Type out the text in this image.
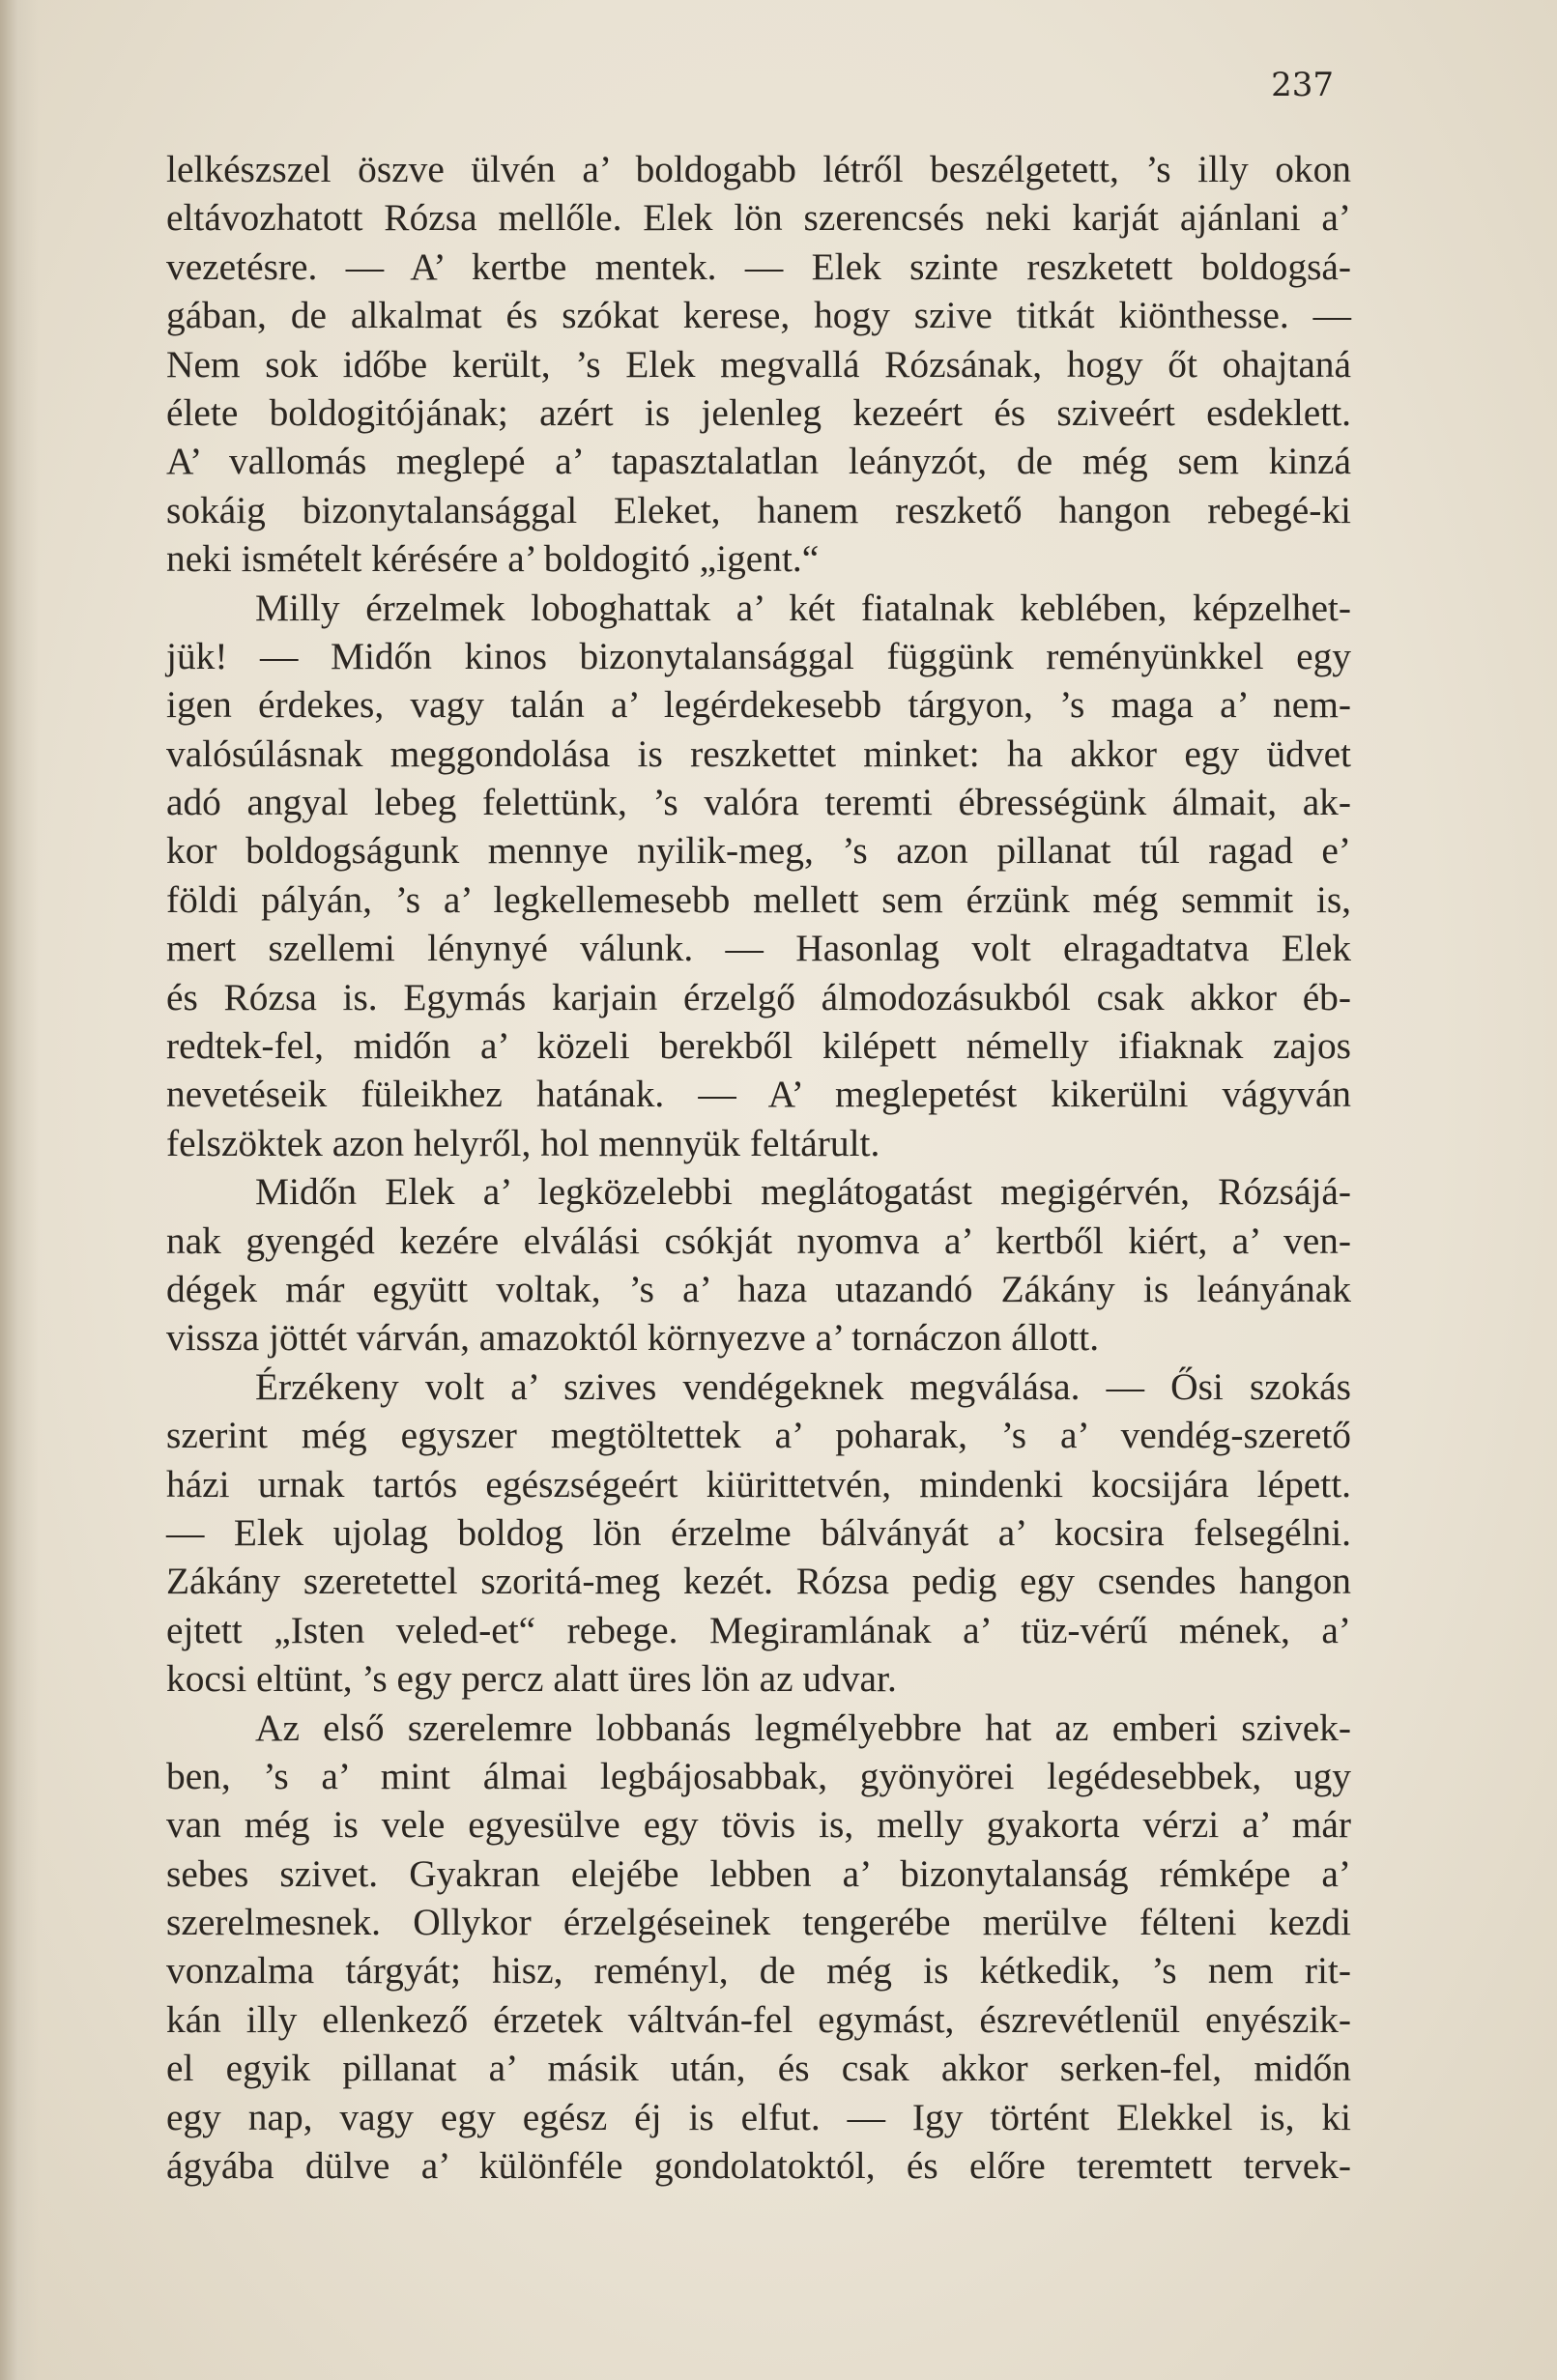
237
lelkészszel öszve ülvén a’ boldogabb létről beszélgetett, ’s illy okon
eltávozhatott Rózsa mellőle. Elek lön szerencsés neki karját ajánlani a’
vezetésre. — A’ kertbe mentek. — Elek szinte reszketett boldogsá-
gában, de alkalmat és szókat kerese, hogy szive titkát kiönthesse. —
Nem sok időbe került, ’s Elek megvallá Rózsának, hogy őt ohajtaná
élete boldogitójának; azért is jelenleg kezeért és sziveért esdeklett.
A’ vallomás meglepé a’ tapasztalatlan leányzót, de még sem kinzá
sokáig bizonytalansággal Eleket, hanem reszkető hangon rebegé-ki
neki ismételt kérésére a’ boldogitó „igent.“
Milly érzelmek loboghattak a’ két fiatalnak keblében, képzelhet-
jük! — Midőn kinos bizonytalansággal függünk reményünkkel egy
igen érdekes, vagy talán a’ legérdekesebb tárgyon, ’s maga a’ nem-
valósúlásnak meggondolása is reszkettet minket: ha akkor egy üdvet
adó angyal lebeg felettünk, ’s valóra teremti ébrességünk álmait, ak-
kor boldogságunk mennye nyilik-meg, ’s azon pillanat túl ragad e’
földi pályán, ’s a’ legkellemesebb mellett sem érzünk még semmit is,
mert szellemi lénynyé válunk. — Hasonlag volt elragadtatva Elek
és Rózsa is. Egymás karjain érzelgő álmodozásukból csak akkor éb-
redtek-fel, midőn a’ közeli berekből kilépett némelly ifiaknak zajos
nevetéseik füleikhez hatának. — A’ meglepetést kikerülni vágyván
felszöktek azon helyről, hol mennyük feltárult.
Midőn Elek a’ legközelebbi meglátogatást megigérvén, Rózsájá-
nak gyengéd kezére elválási csókját nyomva a’ kertből kiért, a’ ven-
dégek már együtt voltak, ’s a’ haza utazandó Zákány is leányának
vissza jöttét várván, amazoktól környezve a’ tornáczon állott.
Érzékeny volt a’ szives vendégeknek megválása. — Ősi szokás
szerint még egyszer megtöltettek a’ poharak, ’s a’ vendég-szerető
házi urnak tartós egészségeért kiürittetvén, mindenki kocsijára lépett.
— Elek ujolag boldog lön érzelme bálványát a’ kocsira felsegélni.
Zákány szeretettel szoritá-meg kezét. Rózsa pedig egy csendes hangon
ejtett „Isten veled-et“ rebege. Megiramlának a’ tüz-vérű mének, a’
kocsi eltünt, ’s egy percz alatt üres lön az udvar.
Az első szerelemre lobbanás legmélyebbre hat az emberi szivek-
ben, ’s a’ mint álmai legbájosabbak, gyönyörei legédesebbek, ugy
van még is vele egyesülve egy tövis is, melly gyakorta vérzi a’ már
sebes szivet. Gyakran elejébe lebben a’ bizonytalanság rémképe a’
szerelmesnek. Ollykor érzelgéseinek tengerébe merülve félteni kezdi
vonzalma tárgyát; hisz, reményl, de még is kétkedik, ’s nem rit-
kán illy ellenkező érzetek váltván-fel egymást, észrevétlenül enyészik-
el egyik pillanat a’ másik után, és csak akkor serken-fel, midőn
egy nap, vagy egy egész éj is elfut. — Igy történt Elekkel is, ki
ágyába dülve a’ különféle gondolatoktól, és előre teremtett tervek-
